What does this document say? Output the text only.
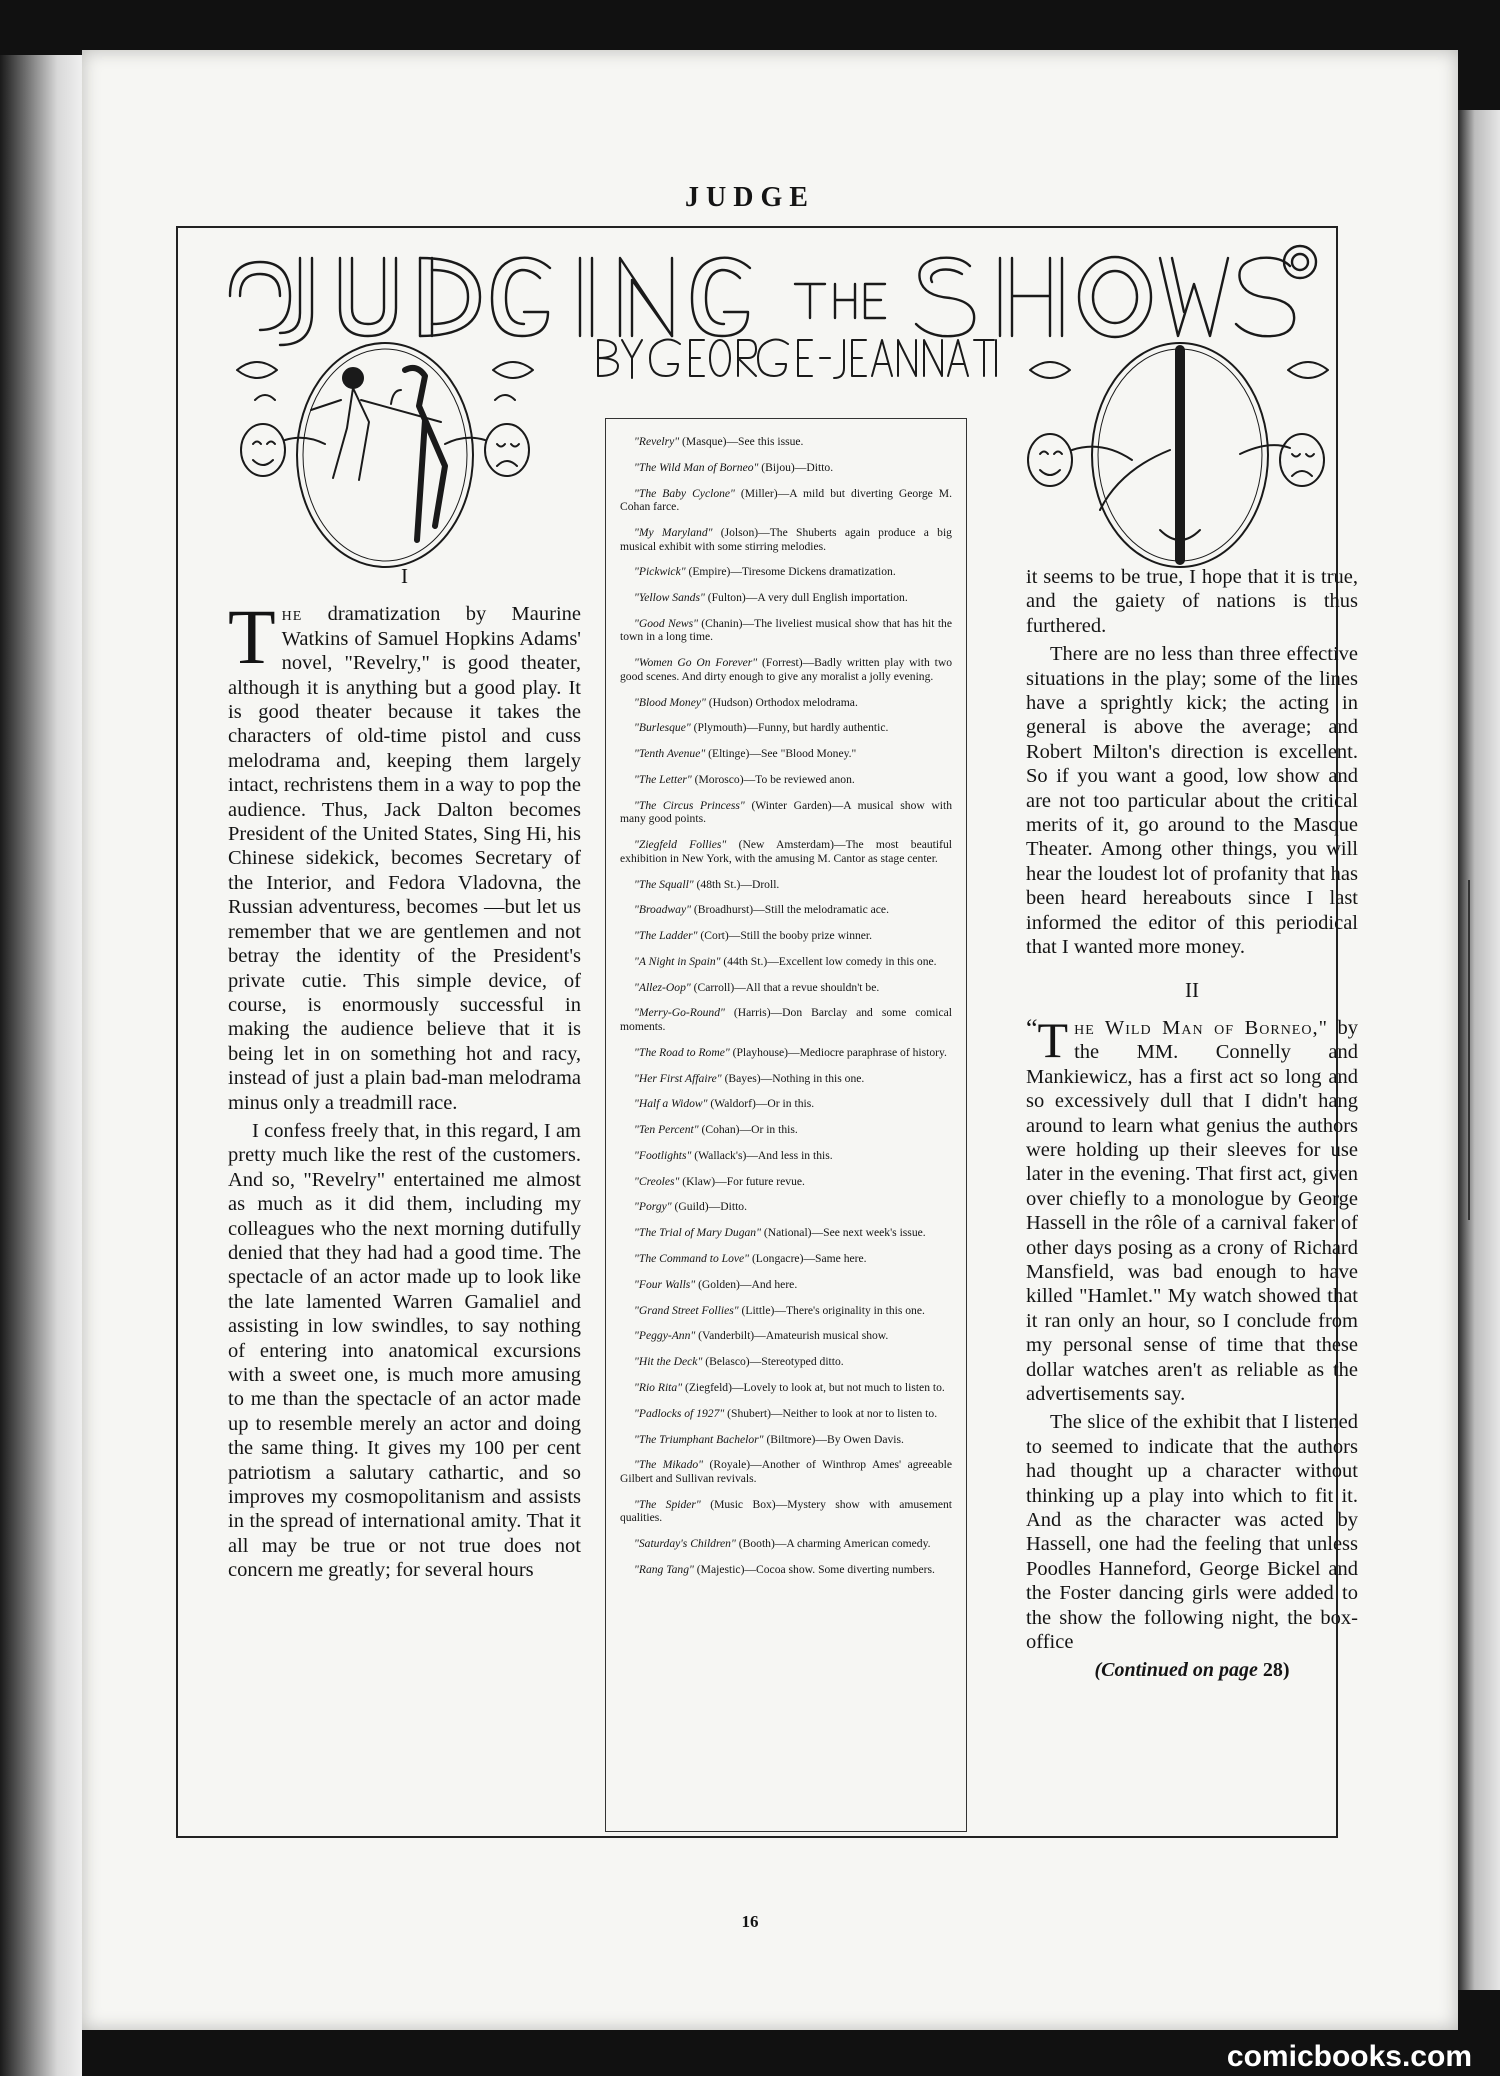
JUDGE
I

The dramatization by Maurine Watkins of Samuel Hopkins Adams' novel, "Revelry," is good theater, although it is anything but a good play. It is good theater because it takes the characters of old-time pistol and cuss melodrama and, keeping them largely intact, rechristens them in a way to pop the audience. Thus, Jack Dalton becomes President of the United States, Sing Hi, his Chinese sidekick, becomes Secretary of the Interior, and Fedora Vladovna, the Russian adventuress, becomes —but let us remember that we are gentlemen and not betray the identity of the President's private cutie. This simple device, of course, is enormously successful in making the audience believe that it is being let in on something hot and racy, instead of just a plain bad-man melodrama minus only a treadmill race.

I confess freely that, in this regard, I am pretty much like the rest of the customers. And so, "Revelry" entertained me almost as much as it did them, including my colleagues who the next morning dutifully denied that they had had a good time. The spectacle of an actor made up to look like the late lamented Warren Gamaliel and assisting in low swindles, to say nothing of entering into anatomical excursions with a sweet one, is much more amusing to me than the spectacle of an actor made up to resemble merely an actor and doing the same thing. It gives my 100 per cent patriotism a salutary cathartic, and so improves my cosmopolitanism and assists in the spread of international amity. That it all may be true or not true does not concern me greatly; for several hours

"Revelry" (Masque)—See this issue.

"The Wild Man of Borneo" (Bijou)—Ditto.

"The Baby Cyclone" (Miller)—A mild but diverting George M. Cohan farce.

"My Maryland" (Jolson)—The Shuberts again produce a big musical exhibit with some stirring melodies.

"Pickwick" (Empire)—Tiresome Dickens dramatization.

"Yellow Sands" (Fulton)—A very dull English importation.

"Good News" (Chanin)—The liveliest musical show that has hit the town in a long time.

"Women Go On Forever" (Forrest)—Badly written play with two good scenes. And dirty enough to give any moralist a jolly evening.

"Blood Money" (Hudson) Orthodox melodrama.

"Burlesque" (Plymouth)—Funny, but hardly authentic.

"Tenth Avenue" (Eltinge)—See "Blood Money."

"The Letter" (Morosco)—To be reviewed anon.

"The Circus Princess" (Winter Garden)—A musical show with many good points.

"Ziegfeld Follies" (New Amsterdam)—The most beautiful exhibition in New York, with the amusing M. Cantor as stage center.

"The Squall" (48th St.)—Droll.

"Broadway" (Broadhurst)—Still the melodramatic ace.

"The Ladder" (Cort)—Still the booby prize winner.

"A Night in Spain" (44th St.)—Excellent low comedy in this one.

"Allez-Oop" (Carroll)—All that a revue shouldn't be.

"Merry-Go-Round" (Harris)—Don Barclay and some comical moments.

"The Road to Rome" (Playhouse)—Mediocre paraphrase of history.

"Her First Affaire" (Bayes)—Nothing in this one.

"Half a Widow" (Waldorf)—Or in this.

"Ten Percent" (Cohan)—Or in this.

"Footlights" (Wallack's)—And less in this.

"Creoles" (Klaw)—For future revue.

"Porgy" (Guild)—Ditto.

"The Trial of Mary Dugan" (National)—See next week's issue.

"The Command to Love" (Longacre)—Same here.

"Four Walls" (Golden)—And here.

"Grand Street Follies" (Little)—There's originality in this one.

"Peggy-Ann" (Vanderbilt)—Amateurish musical show.

"Hit the Deck" (Belasco)—Stereotyped ditto.

"Rio Rita" (Ziegfeld)—Lovely to look at, but not much to listen to.

"Padlocks of 1927" (Shubert)—Neither to look at nor to listen to.

"The Triumphant Bachelor" (Biltmore)—By Owen Davis.

"The Mikado" (Royale)—Another of Winthrop Ames' agreeable Gilbert and Sullivan revivals.

"The Spider" (Music Box)—Mystery show with amusement qualities.

"Saturday's Children" (Booth)—A charming American comedy.

"Rang Tang" (Majestic)—Cocoa show. Some diverting numbers.

it seems to be true, I hope that it is true, and the gaiety of nations is thus furthered.

There are no less than three effective situations in the play; some of the lines have a sprightly kick; the acting in general is above the average; and Robert Milton's direction is excellent. So if you want a good, low show and are not too particular about the critical merits of it, go around to the Masque Theater. Among other things, you will hear the loudest lot of profanity that has been heard hereabouts since I last informed the editor of this periodical that I wanted more money.

II

“ T he Wild Man of Borneo," by the MM. Connelly and Mankiewicz, has a first act so long and so excessively dull that I didn't hang around to learn what genius the authors were holding up their sleeves for use later in the evening. That first act, given over chiefly to a monologue by George Hassell in the rôle of a carnival faker of other days posing as a crony of Richard Mansfield, was bad enough to have killed "Hamlet." My watch showed that it ran only an hour, so I conclude from my personal sense of time that these dollar watches aren't as reliable as the advertisements say.

The slice of the exhibit that I listened to seemed to indicate that the authors had thought up a character without thinking up a play into which to fit it. And as the character was acted by Hassell, one had the feeling that unless Poodles Hanneford, George Bickel and the Foster dancing girls were added to the show the following night, the box-office

(Continued on page 28)
16
comicbooks.com
